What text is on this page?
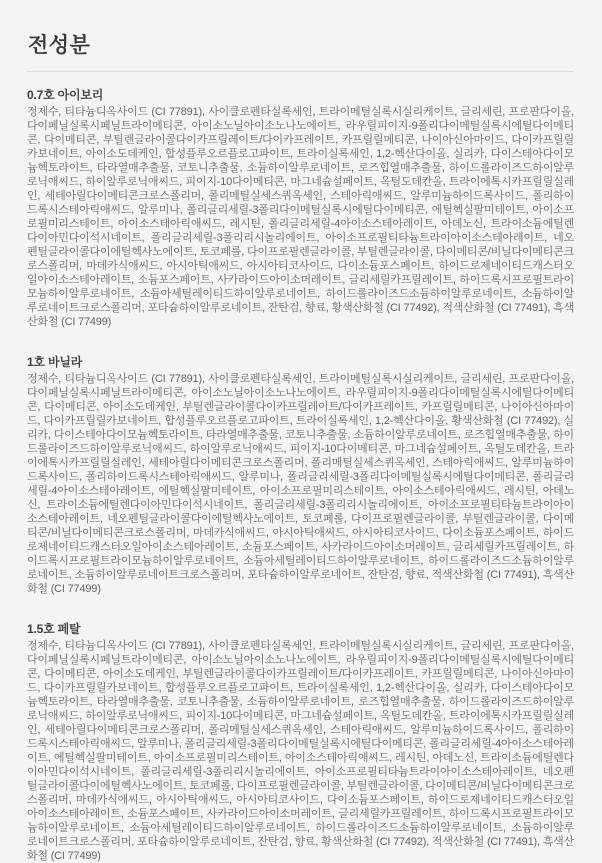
전성분
0.7호 아이보리

정제수, 티타늄디옥사이드 (CI 77891), 사이클로펜타실록세인, 트라이메틸실록시실리케이트, 글리세린, 프로판다이올, 다이페닐실록시페닐트라이메티콘, 아이소노닐아이소노나노에이트, 라우릴피이지-9폴리다이메틸실록시에틸다이메티콘, 다이메티콘, 부틸렌글라이콜다이카프릴레이트/다이카프레이트, 카프릴릴메티콘, 나이아신아마이드, 다이카프릴릴카보네이트, 아이소도데케인, 합성플루오르플로고파이트, 트라이실록세인, 1,2-헥산다이올, 실리카, 다이스테아다이모늄헥토라이트, 타라열매추출물, 코토니추출물, 소듐하이알루로네이트, 로즈힙열매추출물, 하이드롤라이즈드하이알루로닉애씨드, 하이알루로닉애씨드, 피이지-10다이메티콘, 마그네슘설페이트, 옥틸도데칸올, 트라이에톡시카프릴릴실레인, 세테아릴다이메티콘크로스폴리머, 폴리메틸실세스퀴옥세인, 스테아릭애씨드, 알루미늄하이드록사이드, 폴리하이드록시스테아릭애씨드, 알루미나, 폴리글리세릴-3폴리다이메틸실록시에틸다이메티콘, 에틸헥실팔미테이트, 아이소프로필미리스테이트, 아이소스테아릭애씨드, 레시틴, 폴리글리세릴-4아이소스테아레이트, 아데노신, 트라이소듐에틸렌다이아민다이석시네이트, 폴리글리세릴-3폴리리시놀리에이트, 아이소프로필티타늄트라이아이소스테아레이트, 네오펜틸글라이콜다이에틸헥사노에이트, 토코페롤, 다이프로필렌글라이콜, 부틸렌글라이콜, 다이메티콘/비닐다이메티콘크로스폴리머, 마데카식애씨드, 아시아틱애씨드, 아시아티코사이드, 다이소듐포스페이트, 하이드로제네이티드캐스터오일아이소스테아레이트, 소듐포스페이트, 사카라이드아이소머레이트, 글리세릴카프릴레이트, 하이드록시프로필트라이모늄하이알루로네이트, 소듐아세틸레이티드하이알루로네이트, 하이드롤라이즈드소듐하이알루로네이트, 소듐하이알루로네이트크로스폴리머, 포타슘하이알루로네이트, 잔탄검, 향료, 황색산화철 (CI 77492), 적색산화철 (CI 77491), 흑색산화철 (CI 77499)

1호 바닐라

정제수, 티타늄디옥사이드 (CI 77891), 사이클로펜타실록세인, 트라이메틸실록시실리케이트, 글리세린, 프로판다이올, 다이페닐실록시페닐트라이메티콘, 아이소노닐아이소노나노에이트, 라우릴피이지-9폴리다이메틸실록시에틸다이메티콘, 다이메티콘, 아이소도데케인, 부틸렌글라이콜다이카프릴레이트/다이카프레이트, 카프릴릴메티콘, 나이아신아마이드, 다이카프릴릴카보네이트, 합성플루오르플로고파이트, 트라이실록세인, 1,2-헥산다이올, 황색산화철 (CI 77492), 실리카, 다이스테아다이모늄헥토라이트, 타라열매추출물, 코토니추출물, 소듐하이알루로네이트, 로즈힙열매추출물, 하이드롤라이즈드하이알루로닉애씨드, 하이알루로닉애씨드, 피이지-10다이메티콘, 마그네슘설페이트, 옥틸도데칸올, 트라이에톡시카프릴릴실레인, 세테아릴다이메티콘크로스폴리머, 폴리메틸실세스퀴옥세인, 스테아릭애씨드, 알루미늄하이드록사이드, 폴리하이드록시스테아릭애씨드, 알루미나, 폴리글리세릴-3폴리다이메틸실록시에틸다이메티콘, 폴리글리세릴-4아이소스테아레이트, 에틸헥실팔미테이트, 아이소프로필미리스테이트, 아이소스테아릭애씨드, 레시틴, 아데노신, 트라이소듐에틸렌다이아민다이석시네이트, 폴리글리세릴-3폴리리시놀리에이트, 아이소프로필티타늄트라이아이소스테아레이트, 네오펜틸글라이콜다이에틸헥사노에이트, 토코페롤, 다이프로필렌글라이콜, 부틸렌글라이콜, 다이메티콘/비닐다이메티콘크로스폴리머, 마데카식애씨드, 아시아틱애씨드, 아시아티코사이드, 다이소듐포스페이트, 하이드로제네이티드캐스터오일아이소스테아레이트, 소듐포스페이트, 사카라이드아이소머레이트, 글리세릴카프릴레이트, 하이드록시프로필트라이모늄하이알루로네이트, 소듐아세틸레이티드하이알루로네이트, 하이드롤라이즈드소듐하이알루로네이트, 소듐하이알루로네이트크로스폴리머, 포타슘하이알루로네이트, 잔탄검, 향료, 적색산화철 (CI 77491), 흑색산화철 (CI 77499)

1.5호 페탈

정제수, 티타늄디옥사이드 (CI 77891), 사이클로펜타실록세인, 트라이메틸실록시실리케이트, 글리세린, 프로판다이올, 다이페닐실록시페닐트라이메티콘, 아이소노닐아이소노나노에이트, 라우릴피이지-9폴리다이메틸실록시에틸다이메티콘, 다이메티콘, 아이소도데케인, 부틸렌글라이콜다이카프릴레이트/다이카프레이트, 카프릴릴메티콘, 나이아신아마이드, 다이카프릴릴카보네이트, 합성플루오르플로고파이트, 트라이실록세인, 1,2-헥산다이올, 실리카, 다이스테아다이모늄헥토라이트, 타라열매추출물, 코토니추출물, 소듐하이알루로네이트, 로즈힙열매추출물, 하이드롤라이즈드하이알루로닉애씨드, 하이알루로닉애씨드, 피이지-10다이메티콘, 마그네슘설페이트, 옥틸도데칸올, 트라이에톡시카프릴릴실레인, 세테아릴다이메티콘크로스폴리머, 폴리메틸실세스퀴옥세인, 스테아릭애씨드, 알루미늄하이드록사이드, 폴리하이드록시스테아릭애씨드, 알루미나, 폴리글리세릴-3폴리다이메틸실록시에틸다이메티콘, 폴리글리세릴-4아이소스테아레이트, 에틸헥실팔미테이트, 아이소프로필미리스테이트, 아이소스테아릭애씨드, 레시틴, 아데노신, 트라이소듐에틸렌다이아민다이석시네이트, 폴리글리세릴-3폴리리시놀리에이트, 아이소프로필티타늄트라이아이소스테아레이트, 네오펜틸글라이콜다이에틸헥사노에이트, 토코페롤, 다이프로필렌글라이콜, 부틸렌글라이콜, 다이메티콘/비닐다이메티콘크로스폴리머, 마데카식애씨드, 아시아틱애씨드, 아시아티코사이드, 다이소듐포스페이트, 하이드로제네이티드캐스터오일아이소스테아레이트, 소듐포스페이트, 사카라이드아이소머레이트, 글리세릴카프릴레이트, 하이드록시프로필트라이모늄하이알루로네이트, 소듐아세틸레이티드하이알루로네이트, 하이드롤라이즈드소듐하이알루로네이트, 소듐하이알루로네이트크로스폴리머, 포타슘하이알루로네이트, 잔탄검, 향료, 황색산화철 (CI 77492), 적색산화철 (CI 77491), 흑색산화철 (CI 77499)
